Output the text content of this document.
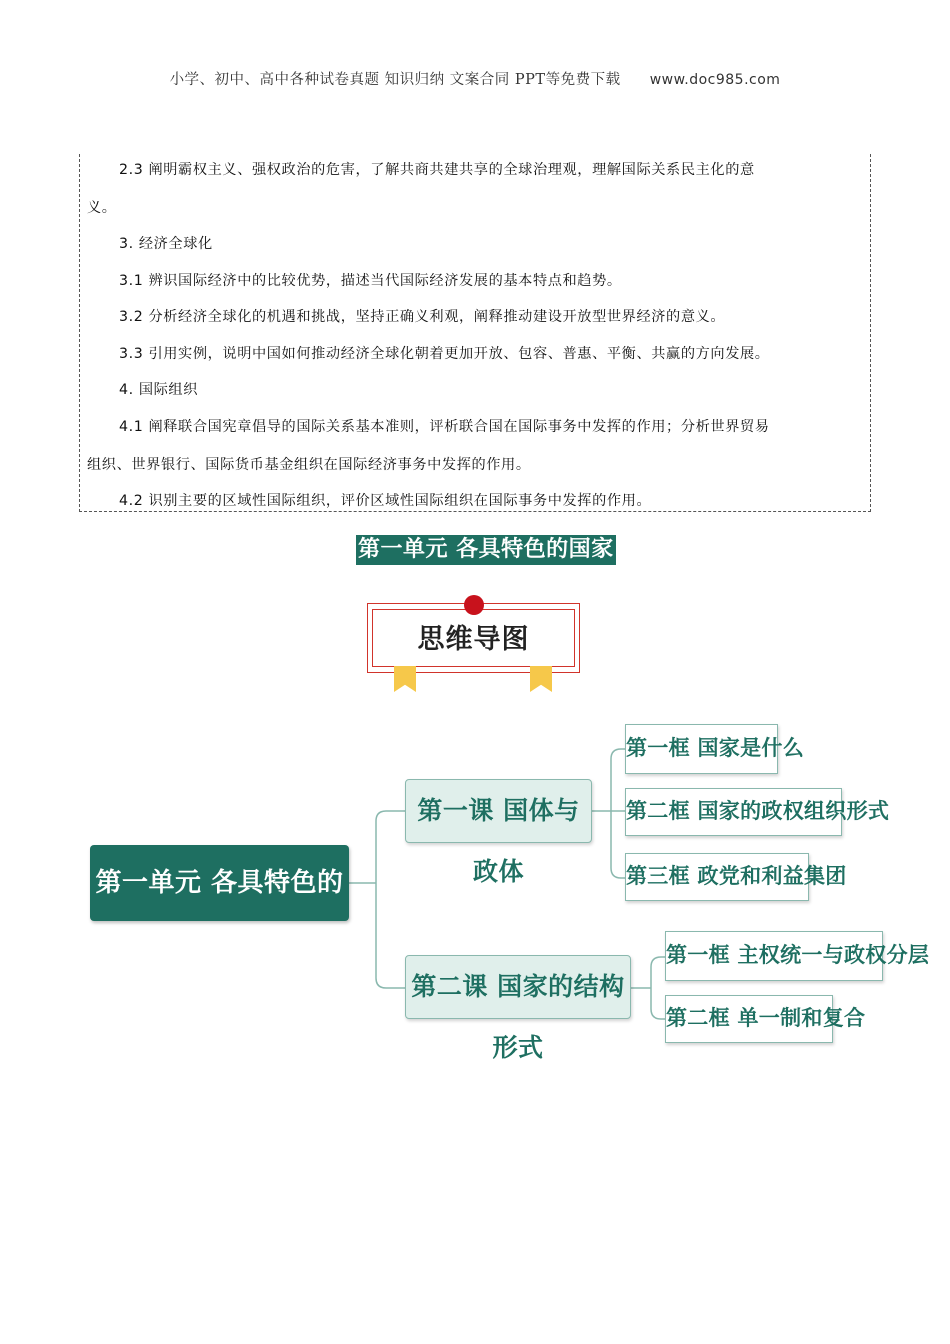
小学、初中、高中各种试卷真题 知识归纳 文案合同 PPT等免费下载 www.doc985.com
2.3 阐明霸权主义、强权政治的危害，了解共商共建共享的全球治理观，理解国际关系民主化的意
义。
3. 经济全球化
3.1 辨识国际经济中的比较优势，描述当代国际经济发展的基本特点和趋势。
3.2 分析经济全球化的机遇和挑战，坚持正确义利观，阐释推动建设开放型世界经济的意义。
3.3 引用实例，说明中国如何推动经济全球化朝着更加开放、包容、普惠、平衡、共赢的方向发展。
4. 国际组织
4.1 阐释联合国宪章倡导的国际关系基本准则，评析联合国在国际事务中发挥的作用；分析世界贸易
组织、世界银行、国际货币基金组织在国际经济事务中发挥的作用。
4.2 识别主要的区域性国际组织，评价区域性国际组织在国际事务中发挥的作用。
第一单元 各具特色的国家
思维导图
第一单元 各具特色的国家
第一课 国体与政体
第二课 国家的结构形式
第一框 国家是什么
第二框 国家的政权组织形式
第三框 政党和利益集团
第一框 主权统一与政权分层
第二框 单一制和复合
